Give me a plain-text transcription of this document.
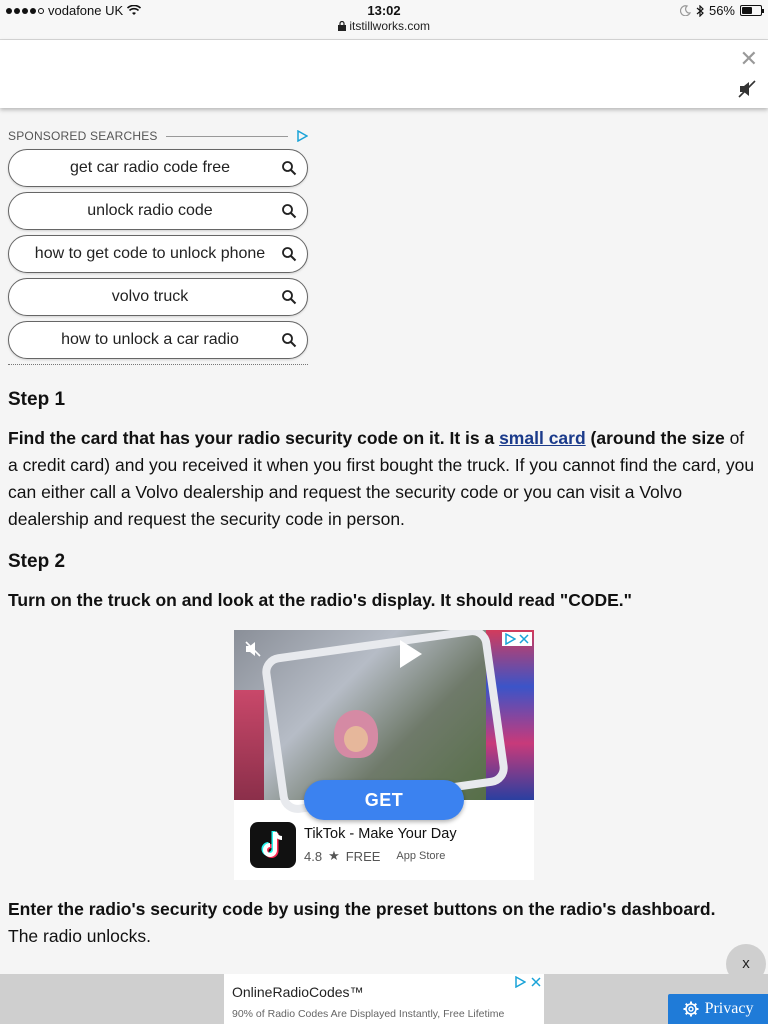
vodafone UK	13:02
itstillworks.com
56%
✕
SPONSORED SEARCHES
get car radio code free
unlock radio code
how to get code to unlock phone
volvo truck
how to unlock a car radio
Step 1

Find the card that has your radio security code on it. It is a small card (around the size of a credit card) and you received it when you first bought the truck. If you cannot find the card, you can either call a Volvo dealership and request the security code or you can visit a Volvo dealership and request the security code in person.

Step 2

Turn on the truck on and look at the radio's display. It should read "CODE."

GET
TikTok - Make Your Day
4.8 ★ FREE App Store

Enter the radio's security code by using the preset buttons on the radio's dashboard.
The radio unlocks.

x
OnlineRadioCodes™
90% of Radio Codes Are Displayed Instantly, Free Lifetime	Privacy
